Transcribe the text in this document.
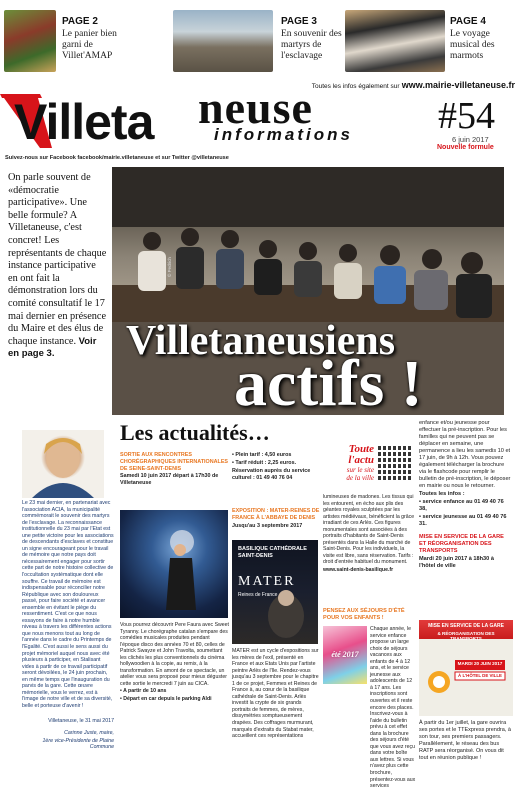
PAGE 2
Le panier bien garni de Villet'AMAP
PAGE 3
En souvenir des martyrs de l'esclavage
PAGE 4
Le voyage musical des marmots
Toutes les infos également sur www.mairie-villetaneuse.fr
Villeta neuse
informations #54
6 juin 2017
Nouvelle formule
Suivez-nous sur Facebook facebook/mairie.villetaneuse et sur Twitter @villetaneuse
On parle souvent de «démocratie participative». Une belle formule? A Villetaneuse, c'est concret! Les représentants de chaque instance participative en ont fait la démonstration lors du comité consultatif le 17 mai dernier en présence du Maire et des élus de chaque instance. Voir en page 3.	Villetaneusiens
actifs !
© Pedrich

enfance et/ou jeunesse pour effectuer la pré-inscription. Pour les familles qui ne peuvent pas se déplacer en semaine, une permanence a lieu les samedis 10 et 17 juin, de 9h à 12h. Vous pouvez également télécharger la brochure via le flashcode pour remplir le bulletin de pré-inscription, le déposer en mairie ou nous le retourner.

Toutes les infos :

• service enfance au 01 49 40 76 38,

• service jeunesse au 01 49 40 76 31.

MISE EN SERVICE DE LA GARE ET RÉORGANISATION DES TRANSPORTS

Mardi 20 juin 2017 à 18h30 à l'hôtel de ville

Le 23 mai dernier, en partenariat avec l'association ACIA, la municipalité commémorait le souvenir des martyrs de l'esclavage. La reconnaissance institutionnelle du 23 mai par l'Etat est une petite victoire pour les associations de descendants d'esclaves et constitue un signe encourageant pour le travail de mémoire que notre pays doit nécessairement engager pour sortir cette part de notre histoire collective de l'occultation systématique dont elle souffre. Ce travail de mémoire est indispensable pour réconcilier notre République avec son douloureux passé, pour faire société et avancer ensemble en évitant le piège du ressentiment. C'est ce que nous essayons de faire à notre humble niveau à travers les différentes actions que nous menons tout au long de l'année dans le cadre du Printemps de l'Egalité. C'est aussi le sens aussi du projet mémoriel auquel nous avec été plusieurs à participer, en Stalisant vides à partir de ce travail participatif seront dévoilées, le 24 juin prochain, en même temps que l'inauguration du parvis de la gare. Cette œuvre mémorielle, vous le verrez, est à l'image de notre ville et de sa diversité, belle et porteuse d'avenir !

Villetaneuse, le 31 mai 2017

Carinne Juste, maire,

1ère vice-Présidente de Plaine Commune

Les actualités…

SORTIE AUX RENCONTRES CHORÉGRAPHIQUES INTERNATIONALES DE SEINE-SAINT-DENIS

Samedi 10 juin 2017 départ à 17h30 de Villetaneuse

• Plein tarif : 4,50 euros

• Tarif réduit : 2,25 euros.

Réservation auprès du service culturel : 01 49 40 76 04

Vous pourrez découvrir Pere Faura avec Sweet Tyranny. Le chorégraphe catalan s'empare des comédies musicales produites pendant l'époque disco des années 70 et 80, celles de Patrick Swayze et John Travolta, soumettant les clichés les plus conventionnels du cinéma hollywoodien à la copie, au remix, à la transformation. En amont de ce spectacle, un atelier vous sera proposé pour mieux déguster cette sortie le mercredi 7 juin au CICA.

• A partir de 10 ans

• Départ en car depuis le parking Aldi

EXPOSITION : MATER-REINES DE FRANCE À L'ABBAYE DE DENIS

Jusqu'au 3 septembre 2017

BASILIQUE CATHÉDRALE SAINT-DENIS
MATER
Reines de France

MATER est un cycle d'expositions sur les mères de l'exil, présenté en France et aux Etats Unis par l'artiste peintre Arlès de l'Ile. Rendez-vous jusqu'au 3 septembre pour le chapitre 1 de ce projet, Femmes et Reines de France à, au cœur de la basilique cathédrale de Saint-Denis. Arlès investit la crypte de six grands portraits de femmes, de mères, dissymétries somptueusement drapées. Des coffrages murmurant, marqués d'extraits du Stabat mater, accueillent ces représentations

Toute
l'actu
sur le site
de la ville

lumineuses de madones. Les tissus qui les entourent, en écho aux plis des géantes royales sculptées par les artistes médiévaux, bénéficient la grâce irradiant de ces Arlès. Ces figures monumentales sont associées à des portraits d'habitants de Saint-Denis présentés dans la Halle du marché de Saint-Denis. Pour les individuels, la visite est libre, sans réservation. Tarifs : droit d'entrée habituel du monument.

www.saint-denis-basilique.fr

PENSEZ AUX SÉJOURS D'ÉTÉ POUR VOS ENFANTS !

été 2017

Chaque année, le service enfance propose un large choix de séjours vacances aux enfants de 4 à 12 ans, et le service jeunesse aux adolescents de 12 à 17 ans. Les inscriptions sont ouvertes et il reste encore des places. Inscrivez-vous à l'aide du bulletin prévu à cet effet dans la brochure des séjours d'été que vous avez reçu dans votre boîte aux lettres. Si vous n'avez plus cette brochure, présentez-vous aux services

MISE EN SERVICE DE LA GARE
& RÉORGANISATION DES TRANSPORTS
MARDI 20 JUIN 2017
À L'HÔTEL DE VILLE

À partir du 1er juillet, la gare ouvrira ses portes et le TTExpress prendra, à son tour, ses premiers passagers. Parallèlement, le réseau des bus RATP sera réorganisé. On vous dit tout en réunion publique !
